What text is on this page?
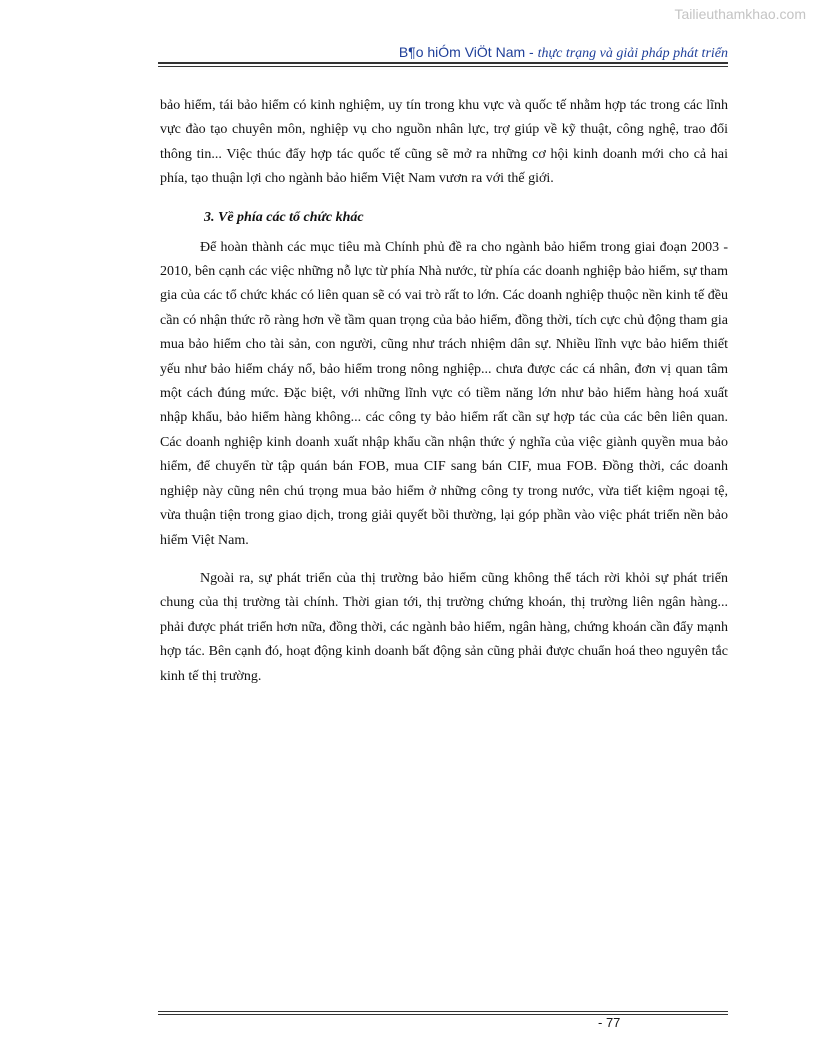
Tailieuthamkhao.com
B¶o hiÓm ViÖt Nam - thực trạng và giải pháp phát triển

bảo hiểm, tái bảo hiểm có kinh nghiệm, uy tín trong khu vực và quốc tế nhằm hợp tác trong các lĩnh vực đào tạo chuyên môn, nghiệp vụ cho nguồn nhân lực, trợ giúp về kỹ thuật, công nghệ, trao đổi thông tin... Việc thúc đẩy hợp tác quốc tế cũng sẽ mở ra những cơ hội kinh doanh mới cho cả hai phía, tạo thuận lợi cho ngành bảo hiểm Việt Nam vươn ra với thế giới.

3. Về phía các tổ chức khác

Để hoàn thành các mục tiêu mà Chính phủ đề ra cho ngành bảo hiểm trong giai đoạn 2003 - 2010, bên cạnh các việc những nỗ lực từ phía Nhà nước, từ phía các doanh nghiệp bảo hiểm, sự tham gia của các tổ chức khác có liên quan sẽ có vai trò rất to lớn. Các doanh nghiệp thuộc nền kinh tế đều cần có nhận thức rõ ràng hơn về tầm quan trọng của bảo hiểm, đồng thời, tích cực chủ động tham gia mua bảo hiểm cho tài sản, con người, cũng như trách nhiệm dân sự. Nhiều lĩnh vực bảo hiểm thiết yếu như bảo hiểm cháy nổ, bảo hiểm trong nông nghiệp... chưa được các cá nhân, đơn vị quan tâm một cách đúng mức. Đặc biệt, với những lĩnh vực có tiềm năng lớn như bảo hiểm hàng hoá xuất nhập khẩu, bảo hiểm hàng không... các công ty bảo hiểm rất cần sự hợp tác của các bên liên quan. Các doanh nghiệp kinh doanh xuất nhập khẩu cần nhận thức ý nghĩa của việc giành quyền mua bảo hiểm, để chuyển từ tập quán bán FOB, mua CIF sang bán CIF, mua FOB. Đồng thời, các doanh nghiệp này cũng nên chú trọng mua bảo hiểm ở những công ty trong nước, vừa tiết kiệm ngoại tệ, vừa thuận tiện trong giao dịch, trong giải quyết bồi thường, lại góp phần vào việc phát triển nền bảo hiểm Việt Nam.

Ngoài ra, sự phát triển của thị trường bảo hiểm cũng không thể tách rời khỏi sự phát triển chung của thị trường tài chính. Thời gian tới, thị trường chứng khoán, thị trường liên ngân hàng... phải được phát triển hơn nữa, đồng thời, các ngành bảo hiểm, ngân hàng, chứng khoán cần đẩy mạnh hợp tác. Bên cạnh đó, hoạt động kinh doanh bất động sản cũng phải được chuẩn hoá theo nguyên tắc kinh tế thị trường.

- 77
